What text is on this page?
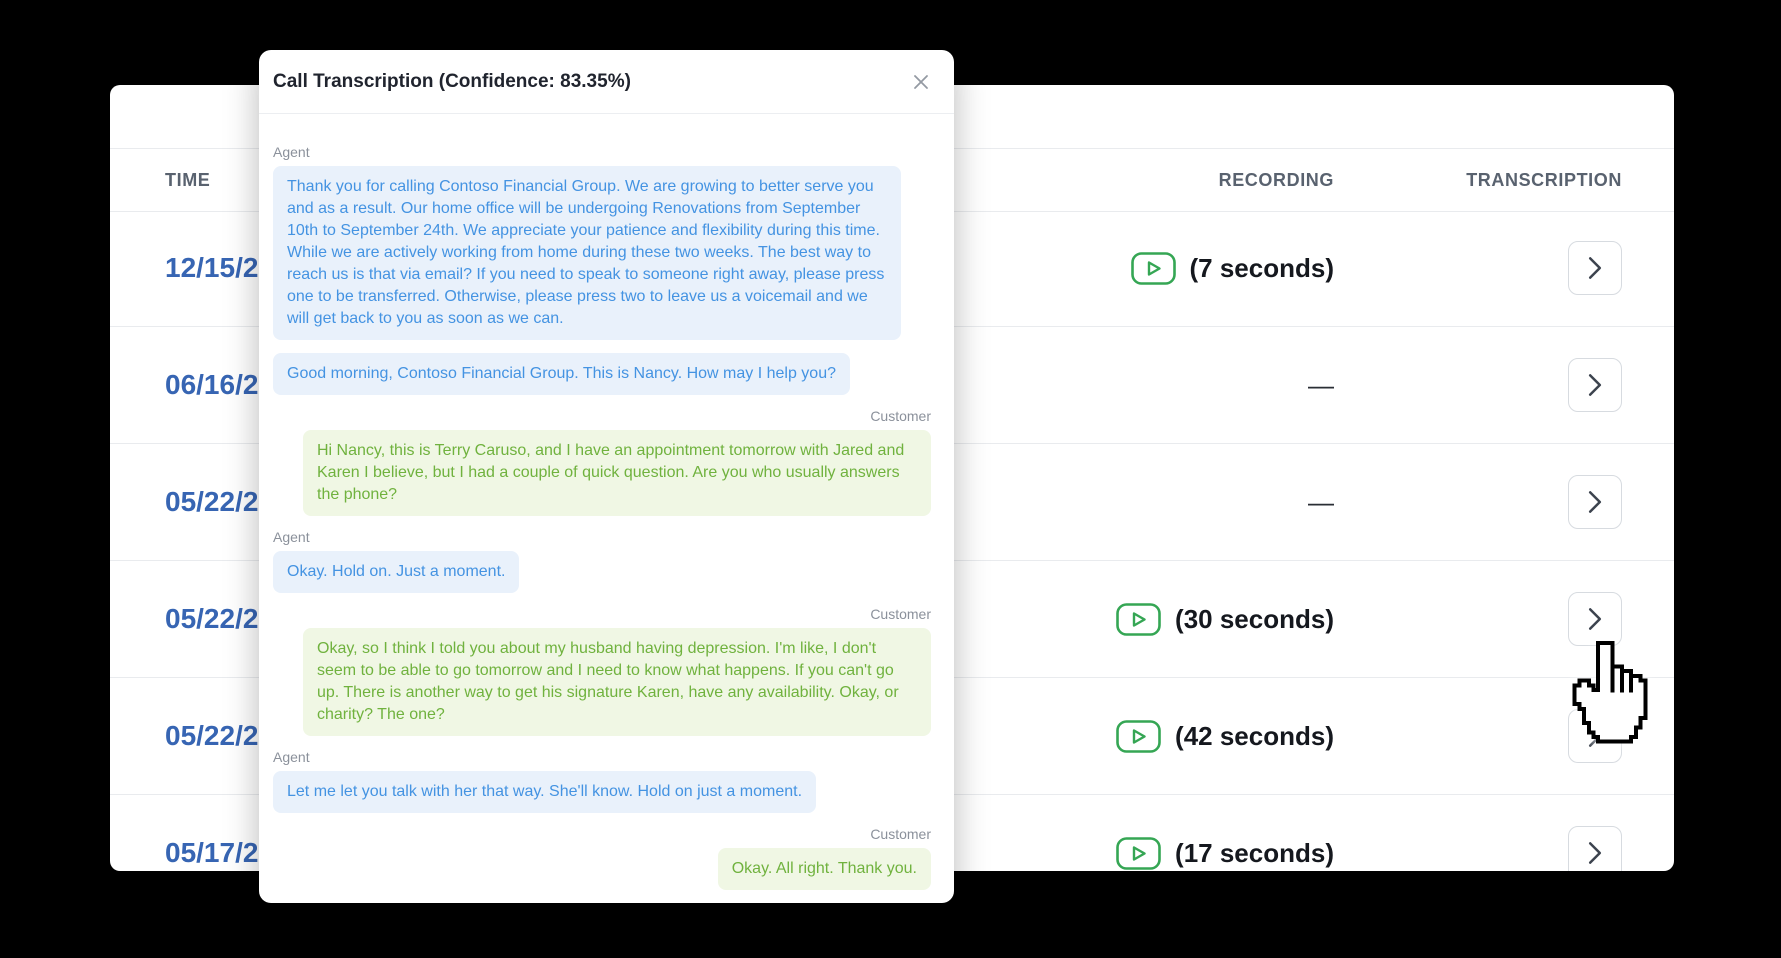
TIME	RECORDING	TRANSCRIPTION
12/15/2	(7 seconds)
06/16/2	—
05/22/2	—
05/22/2	(30 seconds)
05/22/2	(42 seconds)
05/17/2	(17 seconds)
Call Transcription (Confidence: 83.35%)
Agent
Thank you for calling Contoso Financial Group. We are growing to better serve you and as a result. Our home office will be undergoing Renovations from September 10th to September 24th. We appreciate your patience and flexibility during this time. While we are actively working from home during these two weeks. The best way to reach us is that via email? If you need to speak to someone right away, please press one to be transferred. Otherwise, please press two to leave us a voicemail and we will get back to you as soon as we can.
Good morning, Contoso Financial Group. This is Nancy. How may I help you?
Customer
Hi Nancy, this is Terry Caruso, and I have an appointment tomorrow with Jared and Karen I believe, but I had a couple of quick question. Are you who usually answers the phone?
Agent
Okay. Hold on. Just a moment.
Customer
Okay, so I think I told you about my husband having depression. I'm like, I don't seem to be able to go tomorrow and I need to know what happens. If you can't go up. There is another way to get his signature Karen, have any availability. Okay, or charity? The one?
Agent
Let me let you talk with her that way. She'll know. Hold on just a moment.
Customer
Okay. All right. Thank you.
